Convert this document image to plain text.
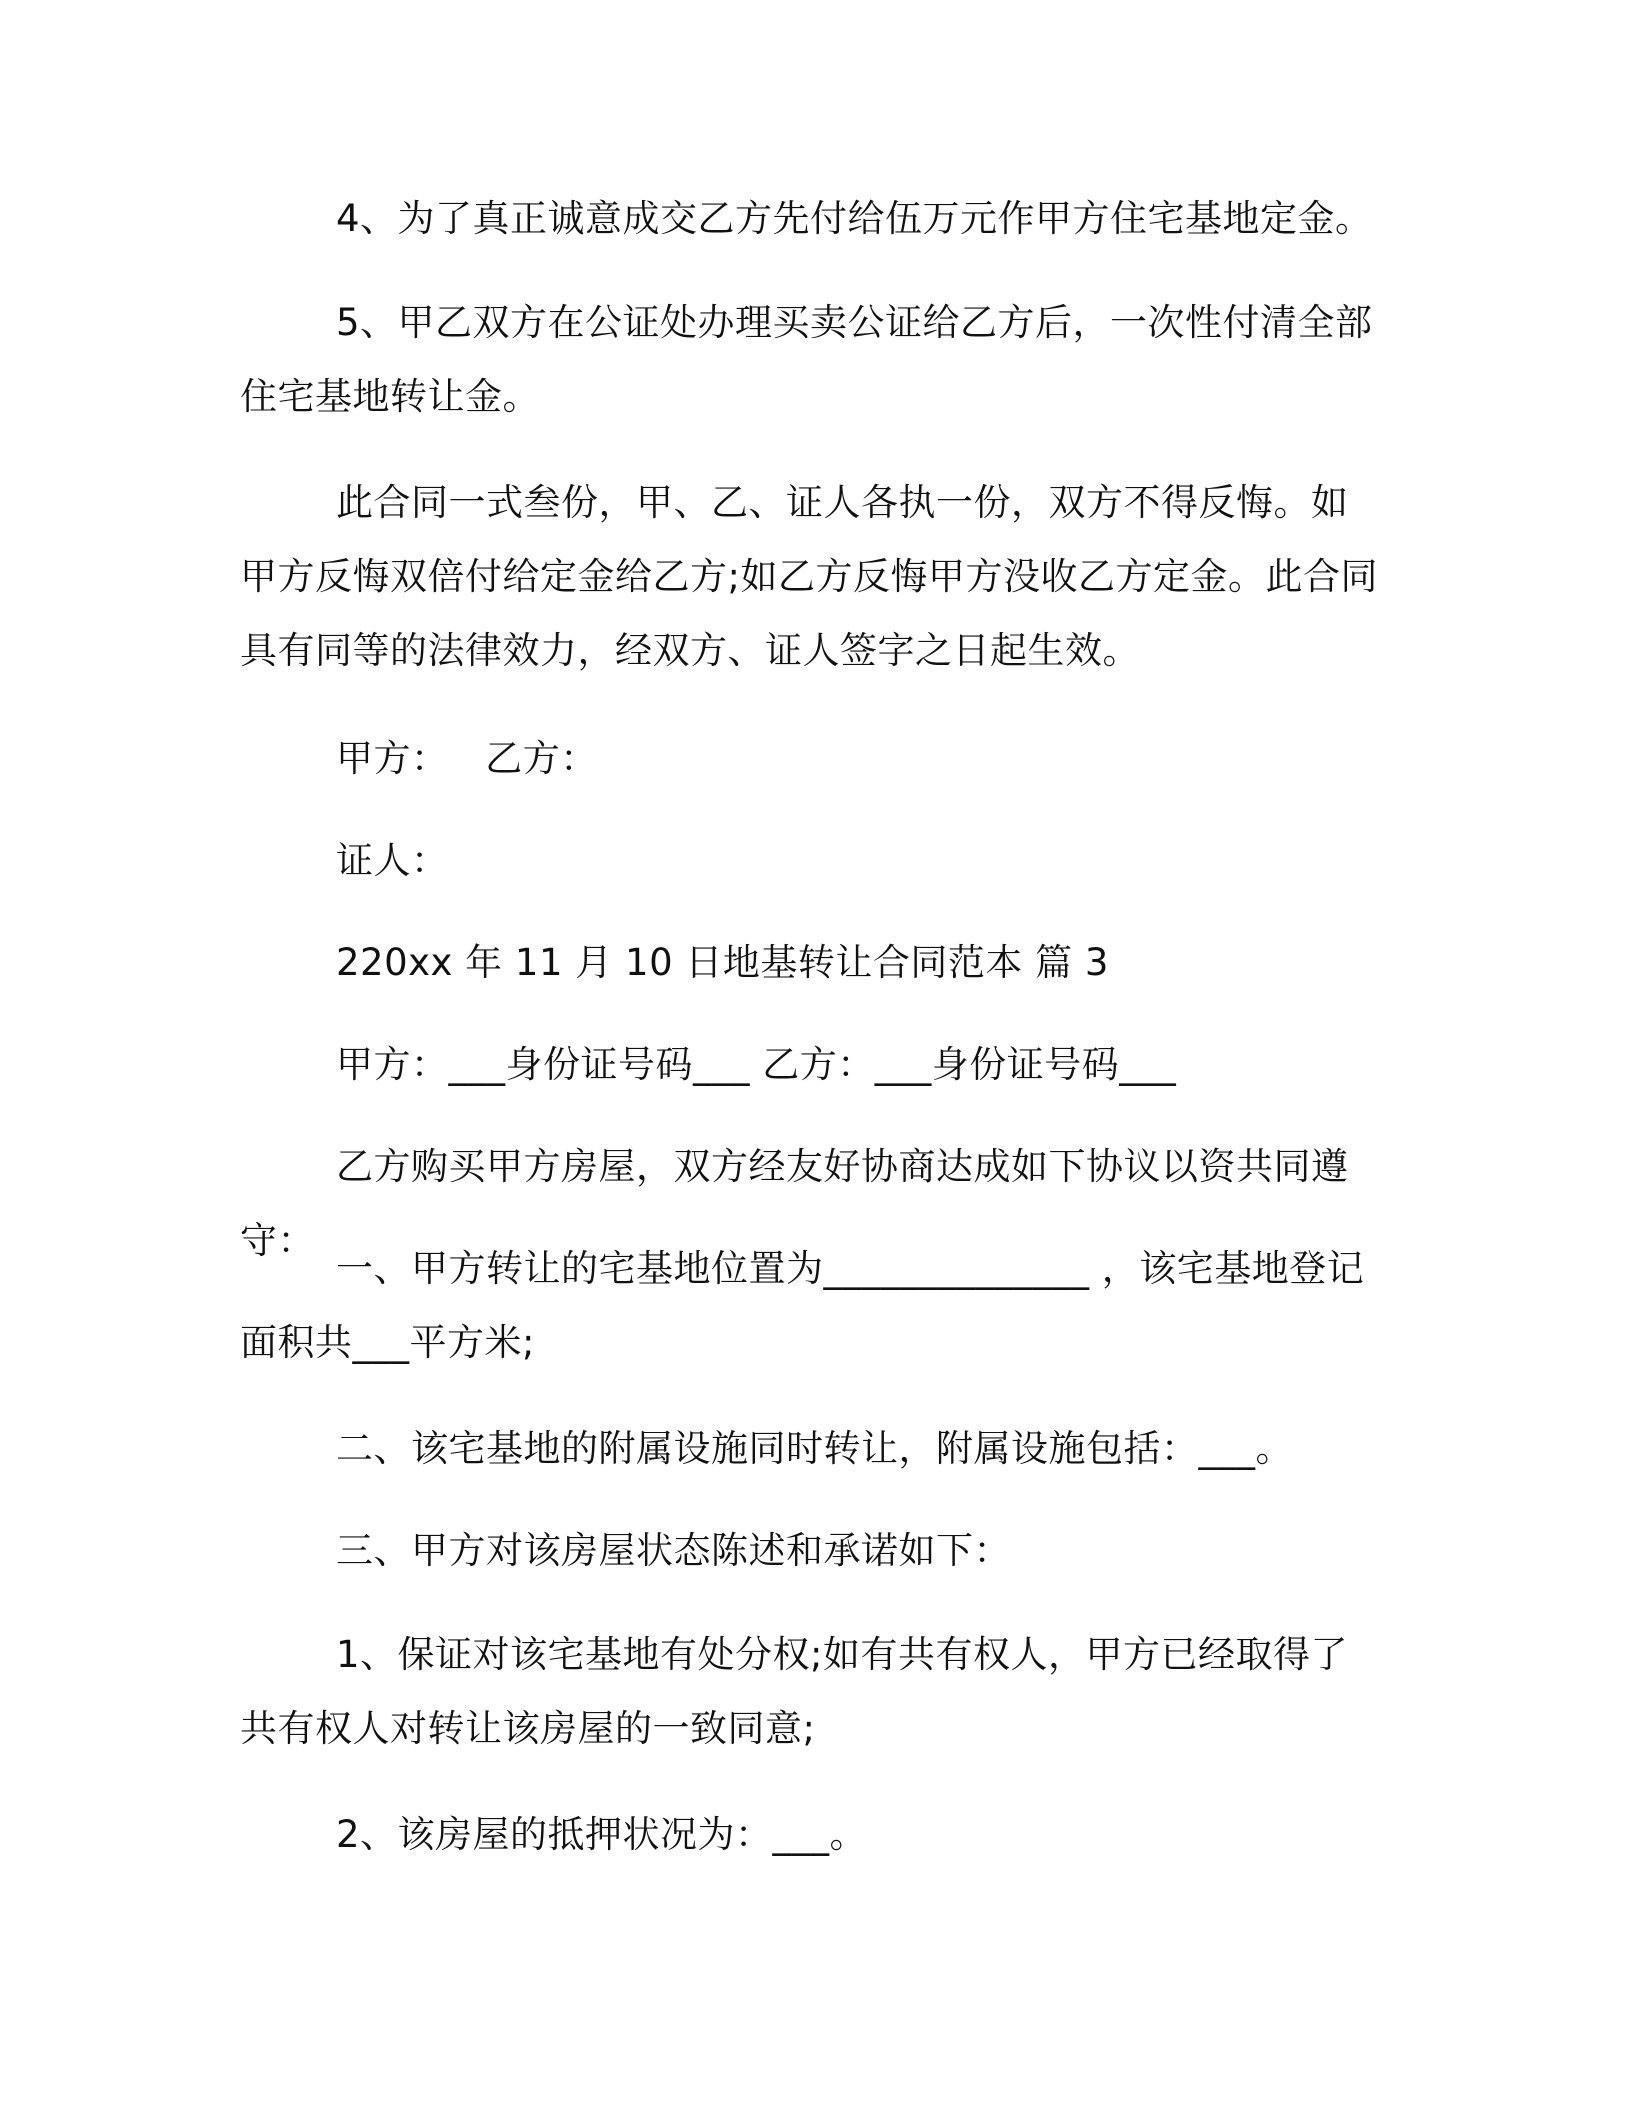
4、为了真正诚意成交乙方先付给伍万元作甲方住宅基地定金。

5、甲乙双方在公证处办理买卖公证给乙方后，一次性付清全部住宅基地转让金。

此合同一式叁份，甲、乙、证人各执一份，双方不得反悔。如甲方反悔双倍付给定金给乙方;如乙方反悔甲方没收乙方定金。此合同具有同等的法律效力，经双方、证人签字之日起生效。

甲方：   乙方：

证人：

220xx 年 11 月 10 日地基转让合同范本 篇 3

甲方：___身份证号码___ 乙方：___身份证号码___

乙方购买甲方房屋，双方经友好协商达成如下协议以资共同遵守：

一、甲方转让的宅基地位置为______________ ，该宅基地登记面积共___平方米;

二、该宅基地的附属设施同时转让，附属设施包括：___。

三、甲方对该房屋状态陈述和承诺如下：

1、保证对该宅基地有处分权;如有共有权人，甲方已经取得了共有权人对转让该房屋的一致同意;

2、该房屋的抵押状况为：___。
